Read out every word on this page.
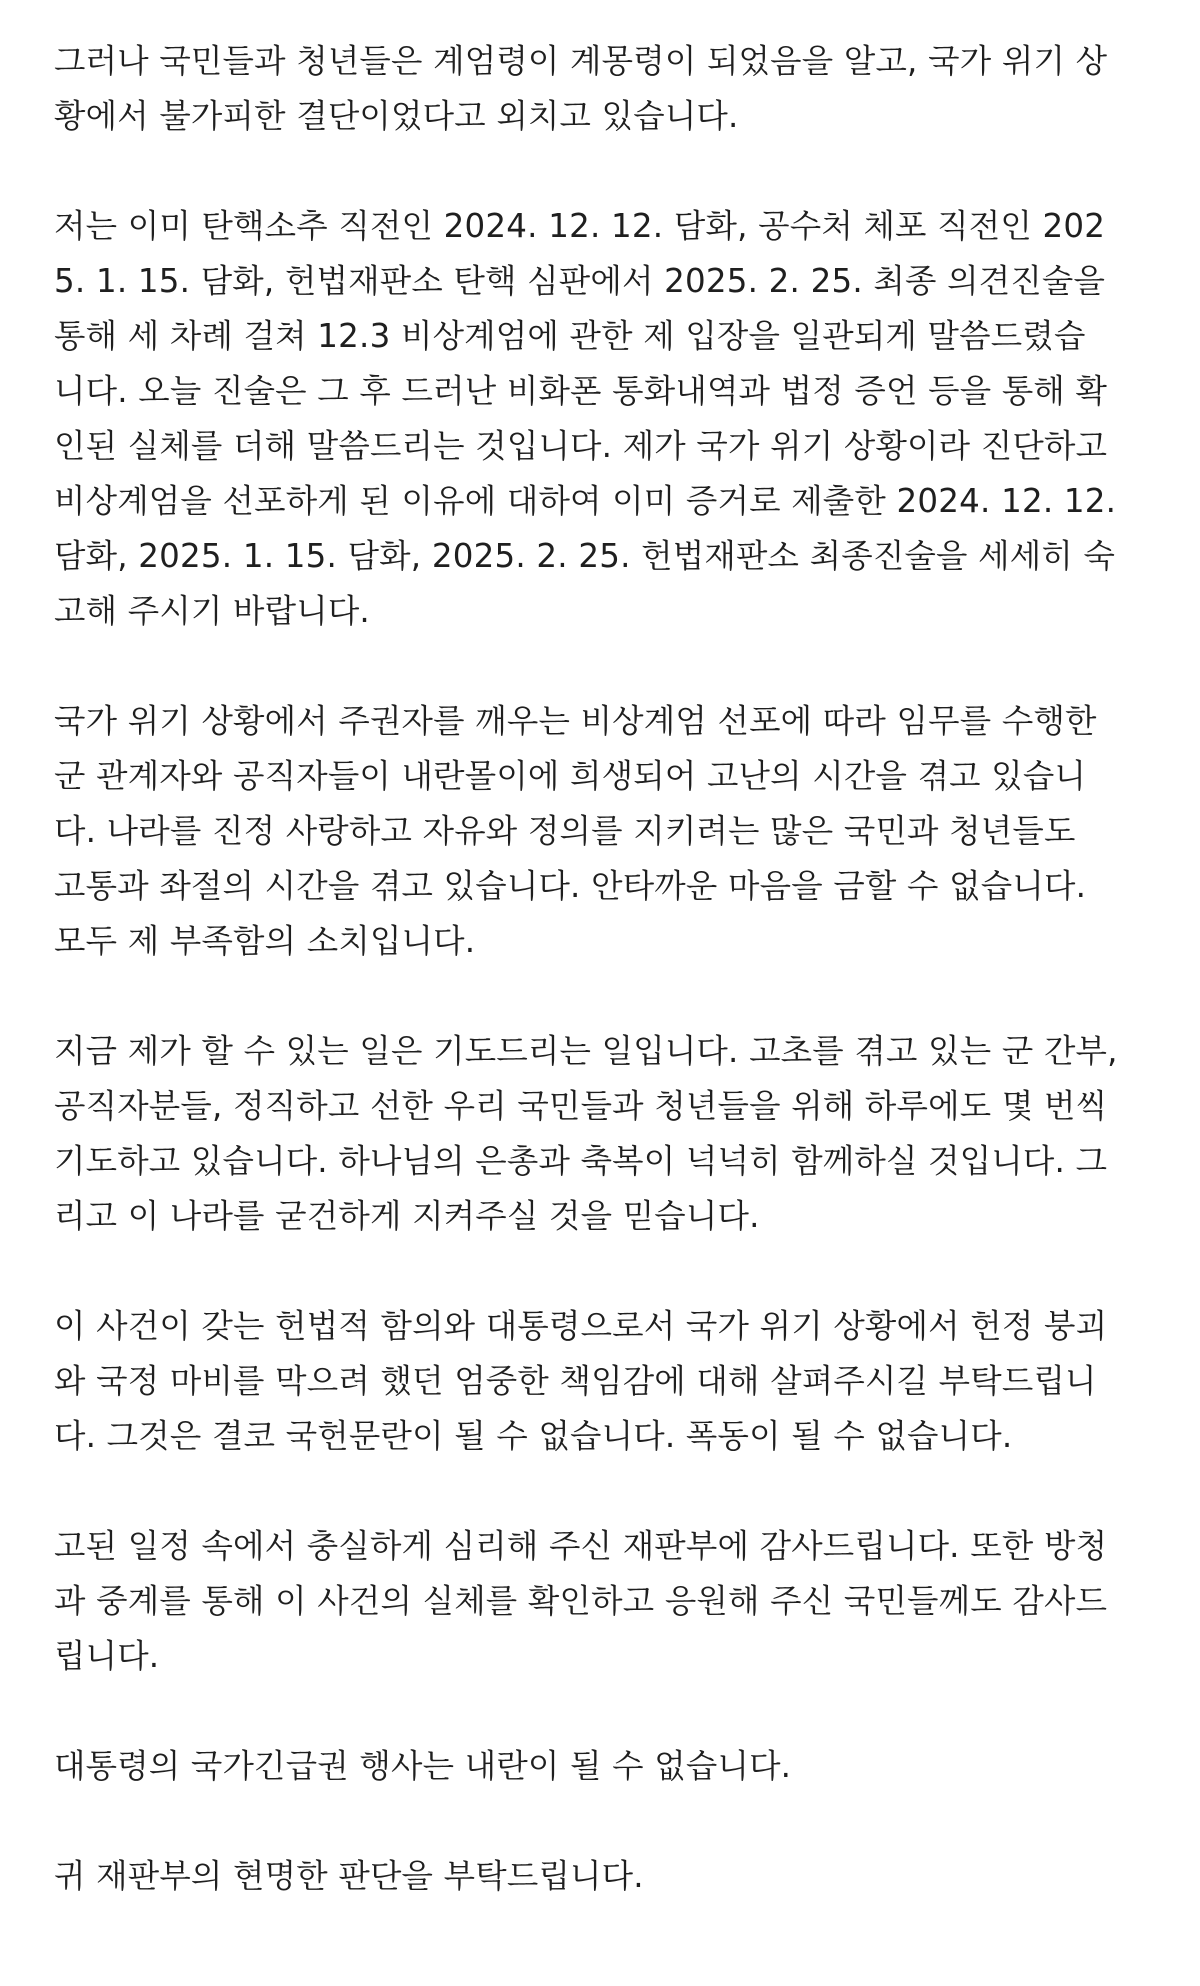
그러나 국민들과 청년들은 계엄령이 계몽령이 되었음을 알고, 국가 위기 상
황에서 불가피한 결단이었다고 외치고 있습니다.

저는 이미 탄핵소추 직전인 2024. 12. 12. 담화, 공수처 체포 직전인 202
5. 1. 15. 담화, 헌법재판소 탄핵 심판에서 2025. 2. 25. 최종 의견진술을
통해 세 차례 걸쳐 12.3 비상계엄에 관한 제 입장을 일관되게 말씀드렸습
니다. 오늘 진술은 그 후 드러난 비화폰 통화내역과 법정 증언 등을 통해 확
인된 실체를 더해 말씀드리는 것입니다. 제가 국가 위기 상황이라 진단하고
비상계엄을 선포하게 된 이유에 대하여 이미 증거로 제출한 2024. 12. 12.
담화, 2025. 1. 15. 담화, 2025. 2. 25. 헌법재판소 최종진술을 세세히 숙
고해 주시기 바랍니다.

국가 위기 상황에서 주권자를 깨우는 비상계엄 선포에 따라 임무를 수행한
군 관계자와 공직자들이 내란몰이에 희생되어 고난의 시간을 겪고 있습니
다. 나라를 진정 사랑하고 자유와 정의를 지키려는 많은 국민과 청년들도
고통과 좌절의 시간을 겪고 있습니다. 안타까운 마음을 금할 수 없습니다.
모두 제 부족함의 소치입니다.

지금 제가 할 수 있는 일은 기도드리는 일입니다. 고초를 겪고 있는 군 간부,
공직자분들, 정직하고 선한 우리 국민들과 청년들을 위해 하루에도 몇 번씩
기도하고 있습니다. 하나님의 은총과 축복이 넉넉히 함께하실 것입니다. 그
리고 이 나라를 굳건하게 지켜주실 것을 믿습니다.

이 사건이 갖는 헌법적 함의와 대통령으로서 국가 위기 상황에서 헌정 붕괴
와 국정 마비를 막으려 했던 엄중한 책임감에 대해 살펴주시길 부탁드립니
다. 그것은 결코 국헌문란이 될 수 없습니다. 폭동이 될 수 없습니다.

고된 일정 속에서 충실하게 심리해 주신 재판부에 감사드립니다. 또한 방청
과 중계를 통해 이 사건의 실체를 확인하고 응원해 주신 국민들께도 감사드
립니다.

대통령의 국가긴급권 행사는 내란이 될 수 없습니다.

귀 재판부의 현명한 판단을 부탁드립니다.
